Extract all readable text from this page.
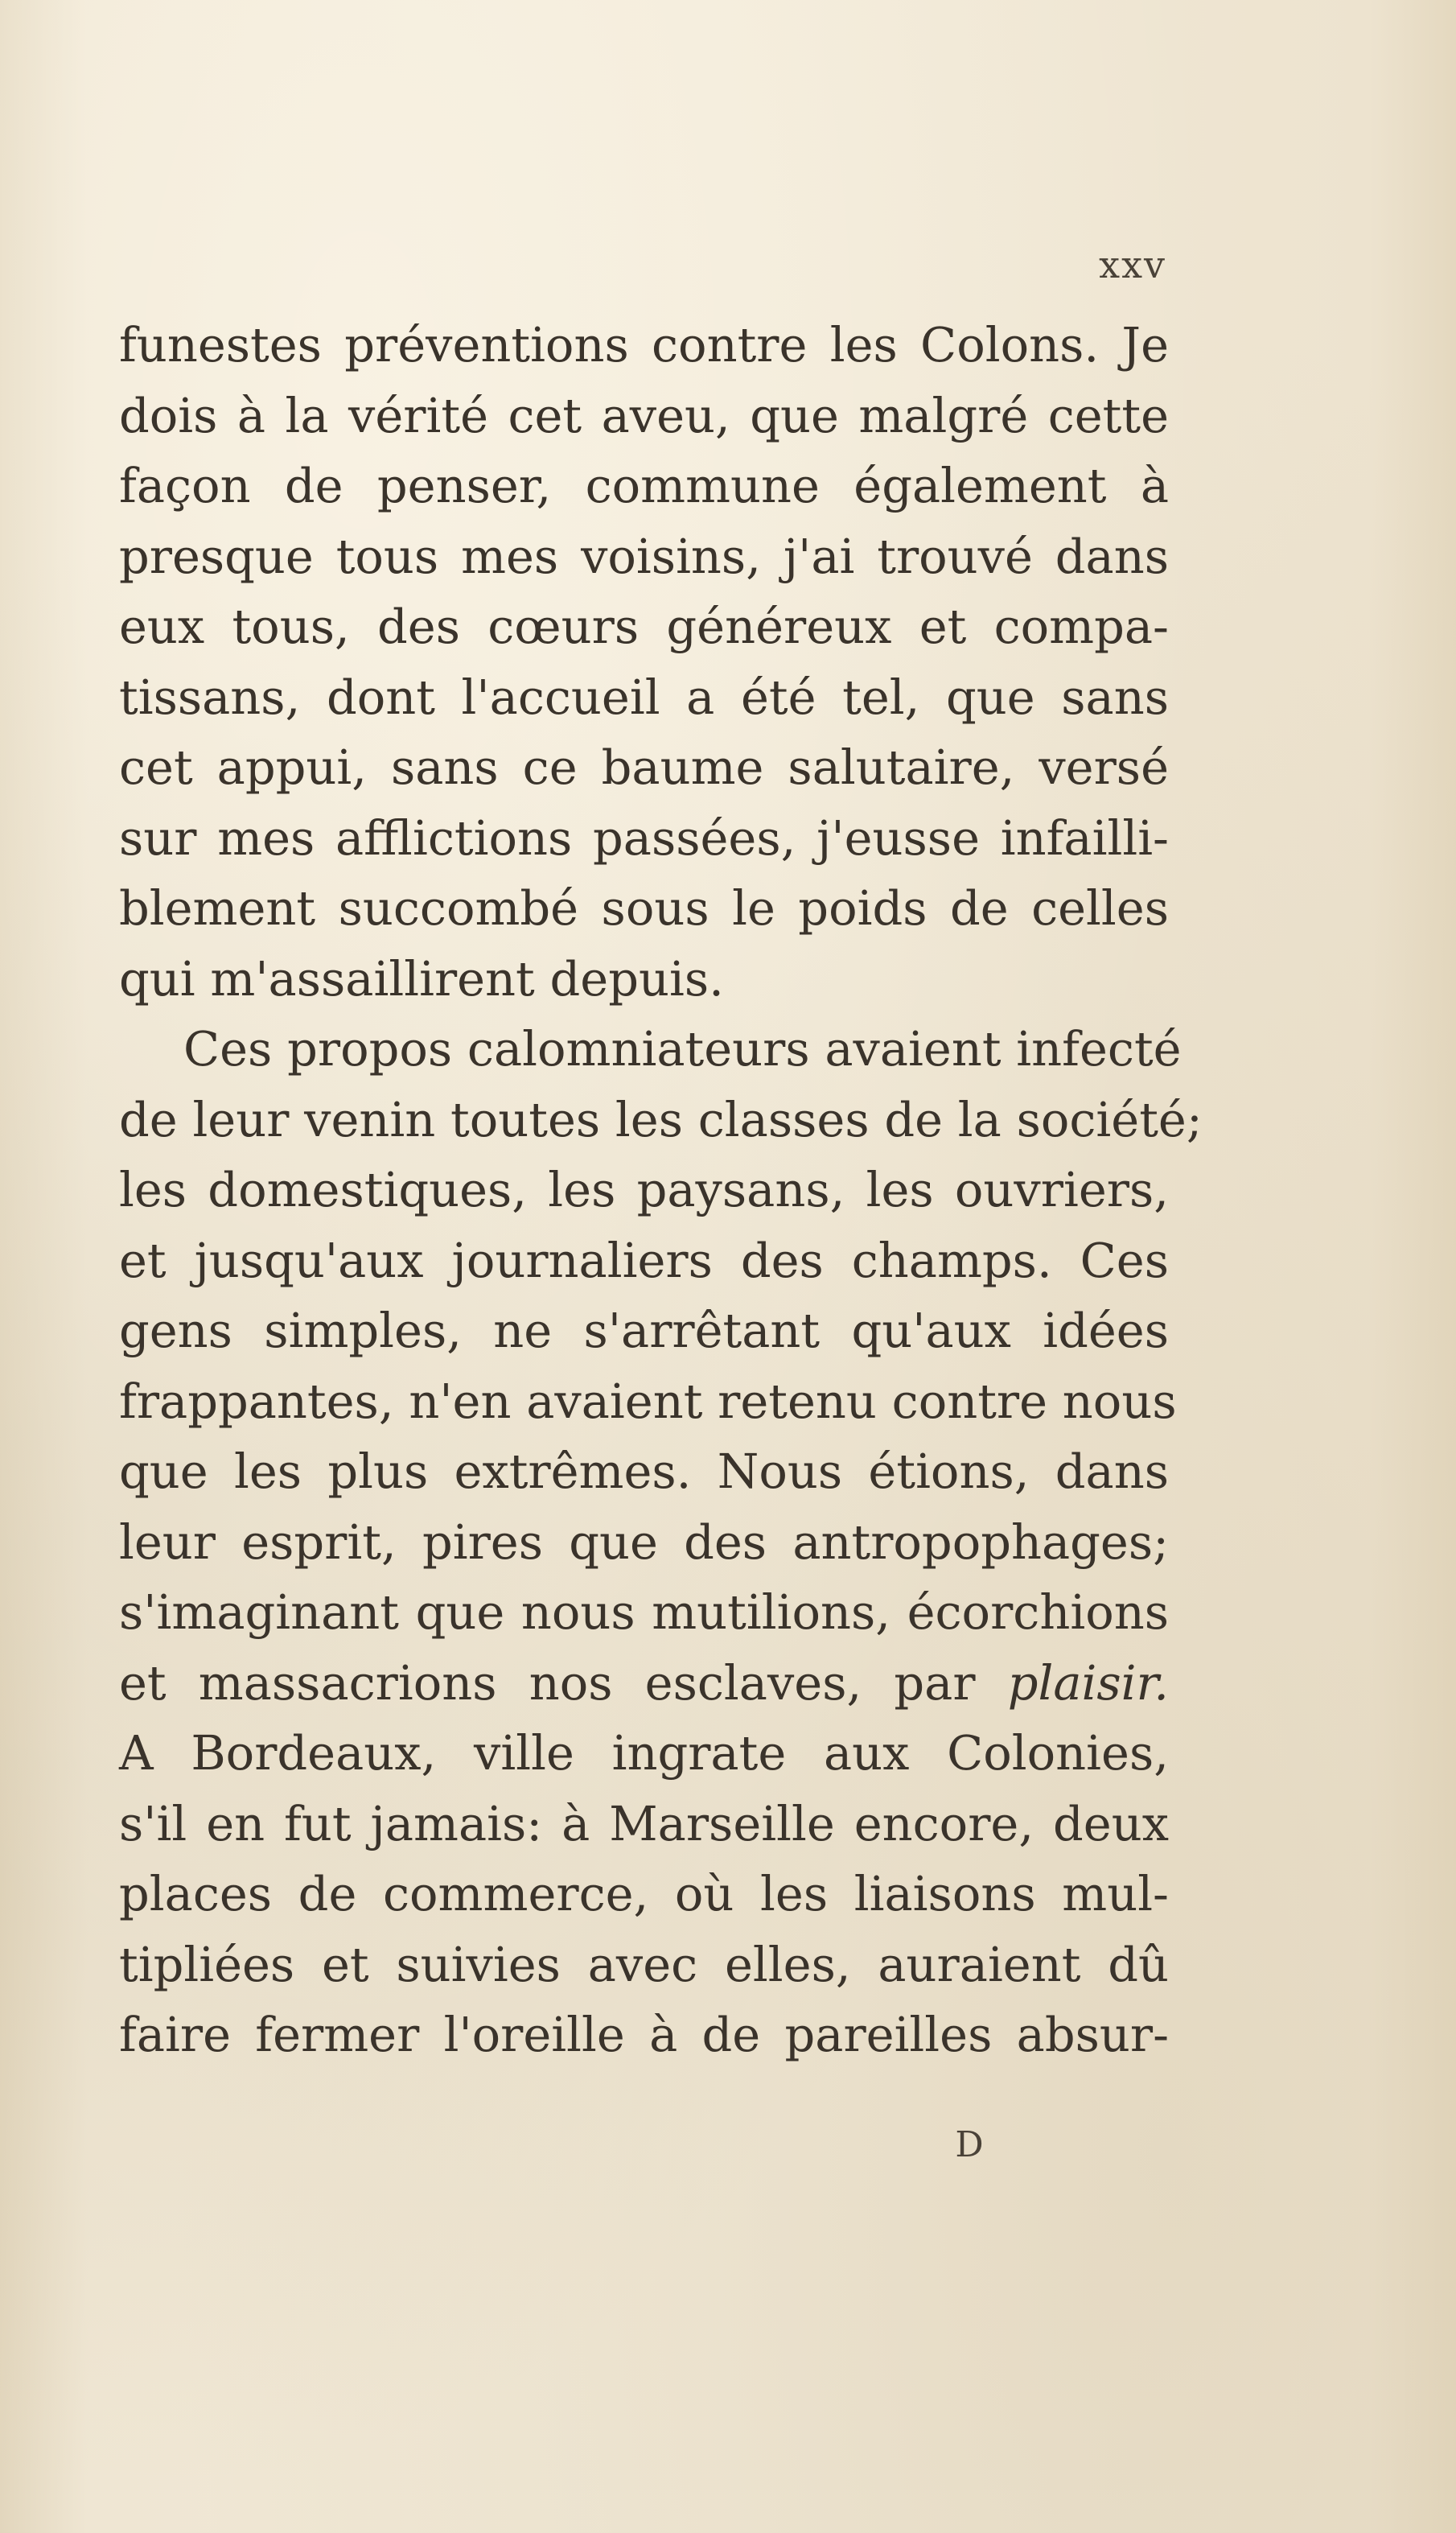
xxv
funestes préventions contre les Colons. Je
dois à la vérité cet aveu, que malgré cette
façon de penser, commune également à
presque tous mes voisins, j'ai trouvé dans
eux tous, des cœurs généreux et compa-
tissans, dont l'accueil a été tel, que sans
cet appui, sans ce baume salutaire, versé
sur mes afflictions passées, j'eusse infailli-
blement succombé sous le poids de celles
qui m'assaillirent depuis.
Ces propos calomniateurs avaient infecté
de leur venin toutes les classes de la société;
les domestiques, les paysans, les ouvriers,
et jusqu'aux journaliers des champs. Ces
gens simples, ne s'arrêtant qu'aux idées
frappantes, n'en avaient retenu contre nous
que les plus extrêmes. Nous étions, dans
leur esprit, pires que des antropophages;
s'imaginant que nous mutilions, écorchions
et massacrions nos esclaves, par plaisir.
A Bordeaux, ville ingrate aux Colonies,
s'il en fut jamais: à Marseille encore, deux
places de commerce, où les liaisons mul-
tipliées et suivies avec elles, auraient dû
faire fermer l'oreille à de pareilles absur-
D
